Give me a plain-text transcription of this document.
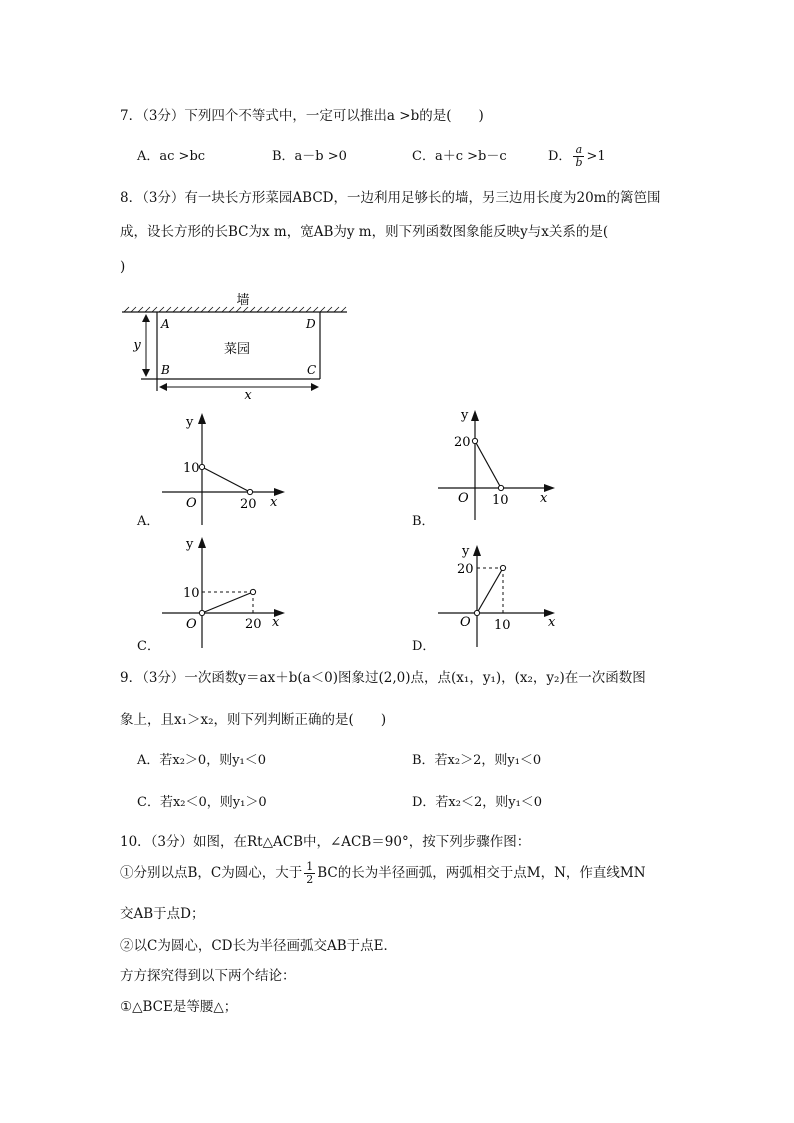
7．（3分）下列四个不等式中，一定可以推出a >b的是(　　)
A．ac >bc	B．a－b >0	C．a＋c >b－c	D． $\frac{a}{b} >1$
8．（3分）有一块长方形菜园ABCD，一边利用足够长的墙，另三边用长度为20m的篱笆围
成，设长方形的长BC为x m，宽AB为y m，则下列函数图象能反映y与x关系的是(
)
墙
y
x
A	D
B	C
菜园
y
x
O
10
20
A．
y
x
O
20
10
B．
y
x
O
10
20
C．
y
x
O
20
10
D．
9．（3分）一次函数y＝ax＋b(a＜0)图象过(2,0)点，点(x₁，y₁)，(x₂，y₂)在一次函数图
象上，且x₁＞x₂，则下列判断正确的是(　　)
A．若x₂＞0，则y₁＜0	B．若x₂＞2，则y₁＜0
C．若x₂＜0，则y₁＞0	D．若x₂＜2，则y₁＜0
10．（3分）如图，在Rt△ACB中，∠ACB＝90°，按下列步骤作图：
①分别以点B，C为圆心，大于 $\frac{1}{2}$ BC的长为半径画弧，两弧相交于点M，N，作直线MN
交AB于点D；
②以C为圆心，CD长为半径画弧交AB于点E．
方方探究得到以下两个结论：
①△BCE是等腰△；
